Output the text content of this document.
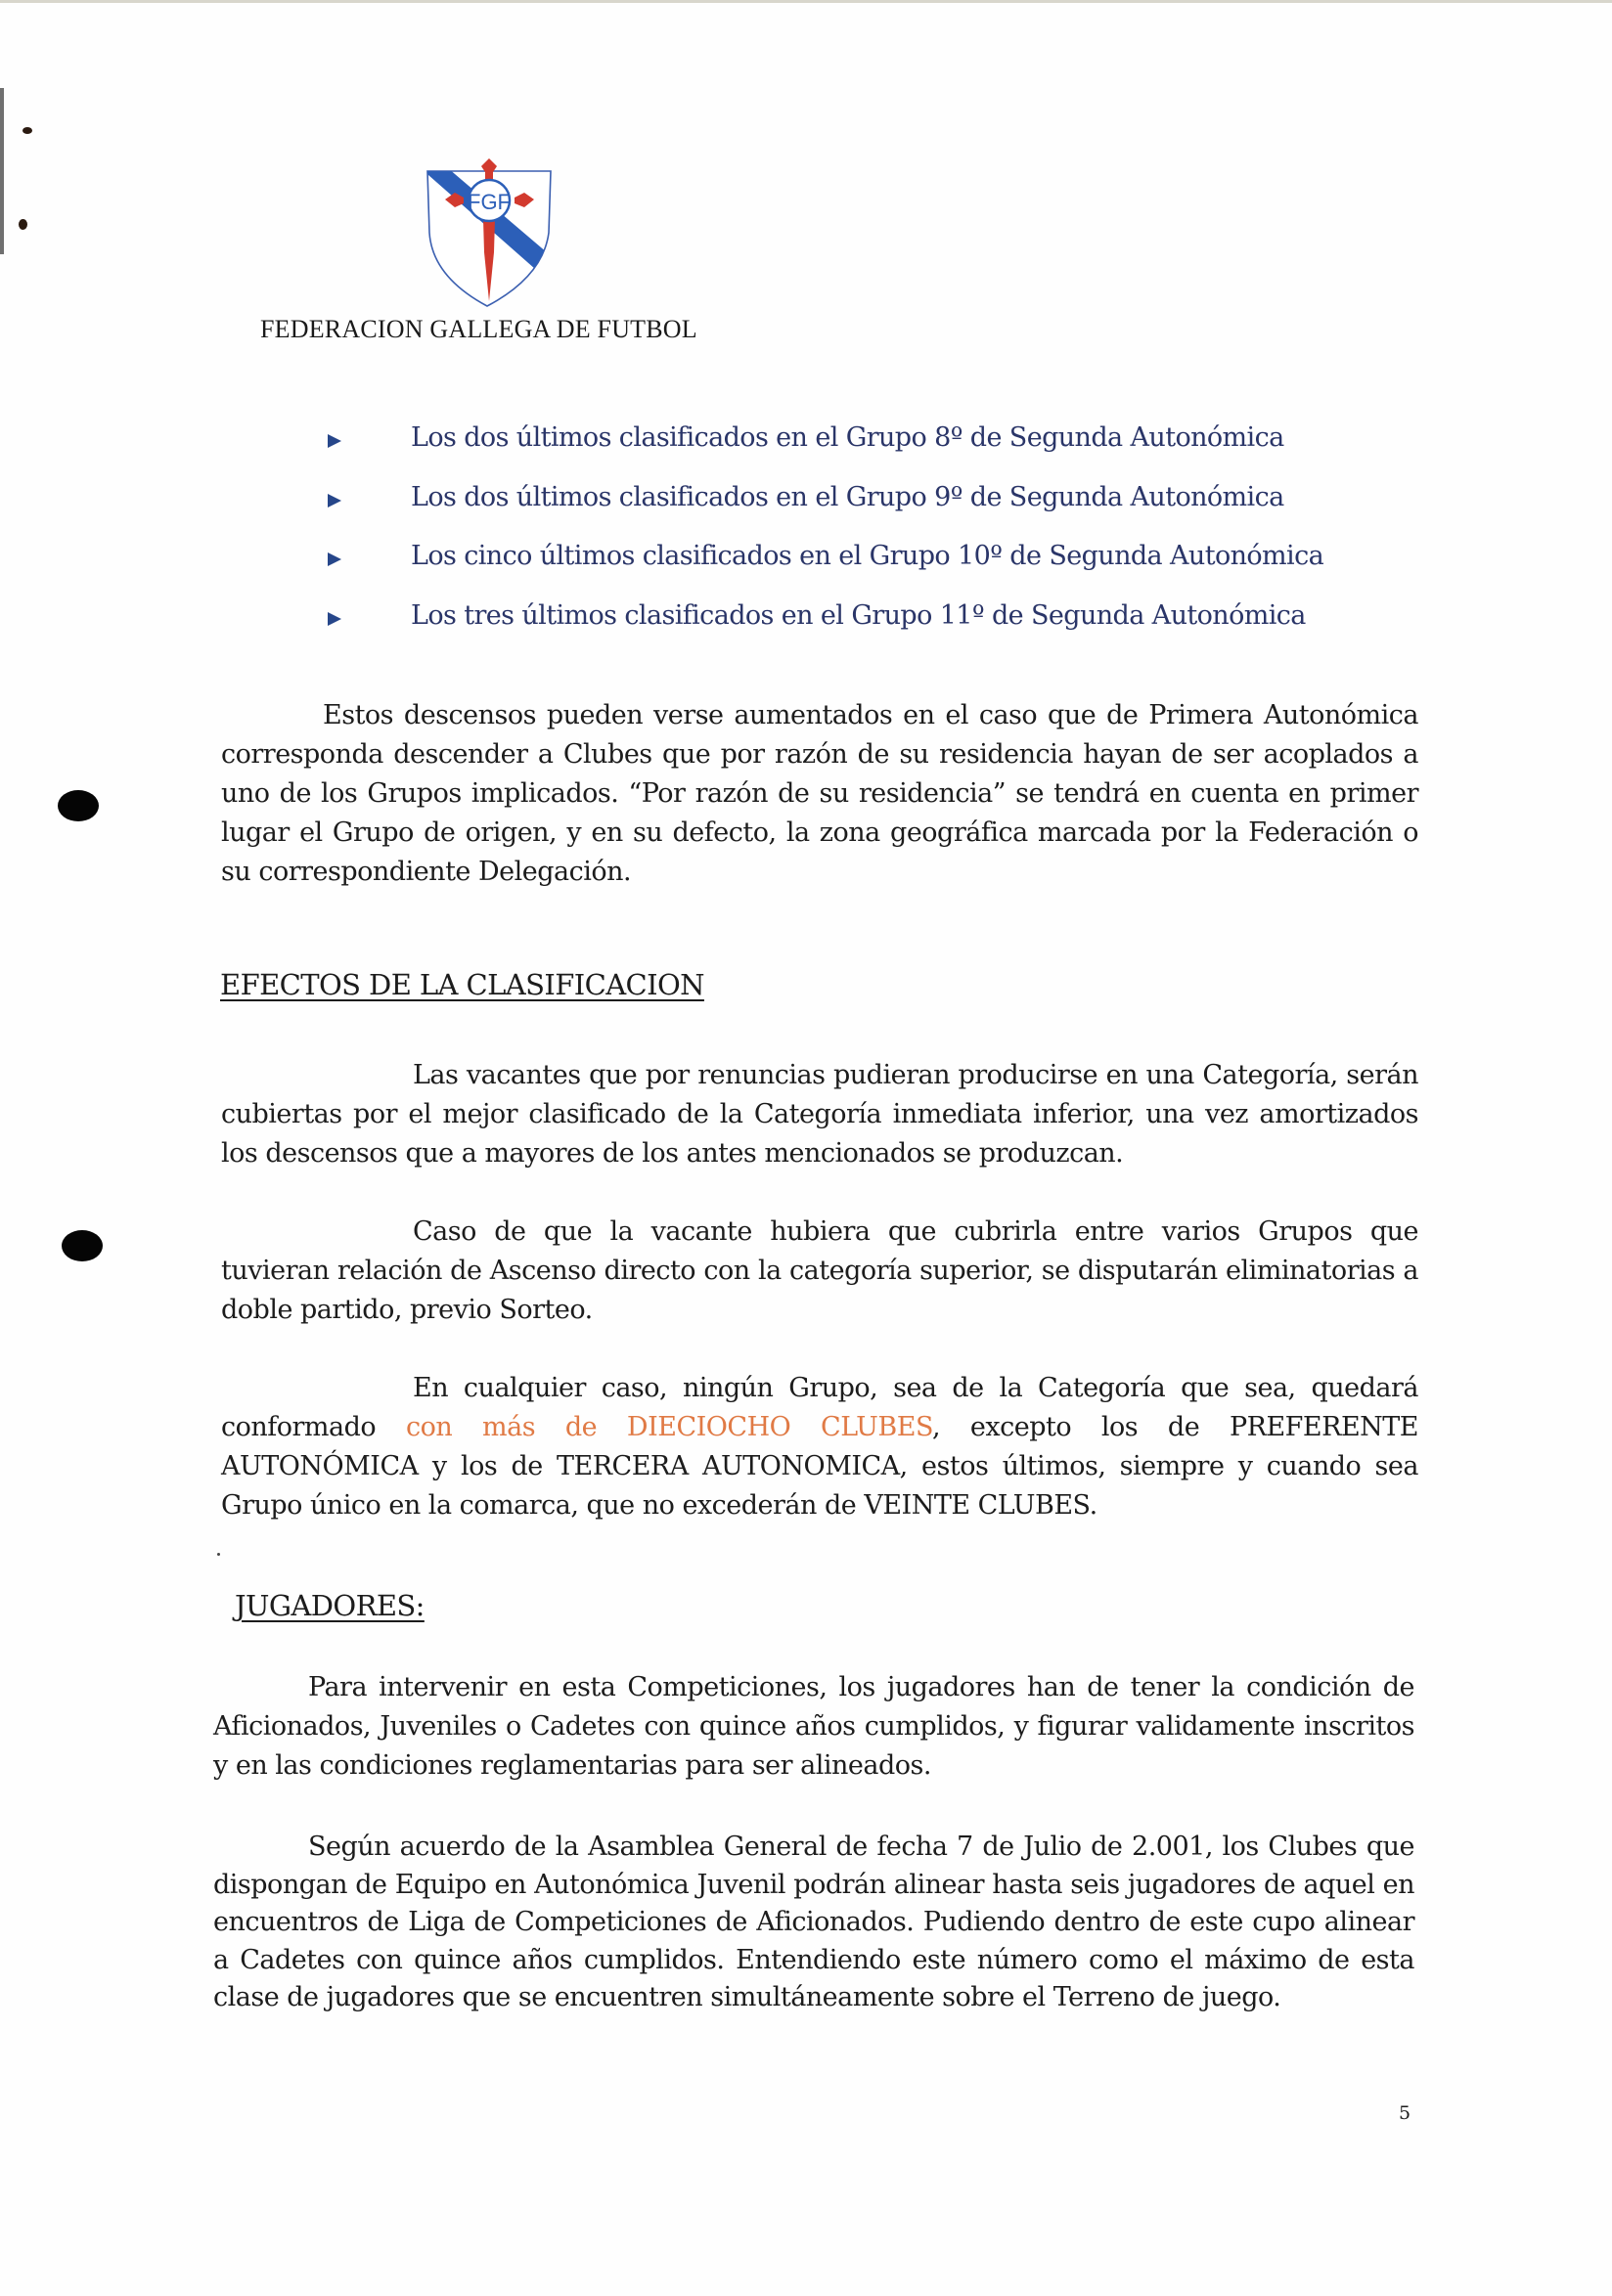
FGF
FEDERACION GALLEGA DE FUTBOL
Los dos últimos clasificados en el Grupo 8º de Segunda Autonómica
Los dos últimos clasificados en el Grupo 9º de Segunda Autonómica
Los cinco últimos clasificados en el Grupo 10º de Segunda Autonómica
Los tres últimos clasificados en el Grupo 11º de Segunda Autonómica

Estos descensos pueden verse aumentados en el caso que de Primera Autonómica corresponda descender a Clubes que por razón de su residencia hayan de ser acoplados a uno de los Grupos implicados. “Por razón de su residencia” se tendrá en cuenta en primer lugar el Grupo de origen, y en su defecto, la zona geográfica marcada por la Federación o su correspondiente Delegación.

EFECTOS DE LA CLASIFICACION

Las vacantes que por renuncias pudieran producirse en una Categoría, serán cubiertas por el mejor clasificado de la Categoría inmediata inferior, una vez amortizados los descensos que a mayores de los antes mencionados se produzcan.

Caso de que la vacante hubiera que cubrirla entre varios Grupos que tuvieran relación de Ascenso directo con la categoría superior, se disputarán eliminatorias a doble partido, previo Sorteo.

En cualquier caso, ningún Grupo, sea de la Categoría que sea, quedará conformado con más de DIECIOCHO CLUBES, excepto los de PREFERENTE AUTONÓMICA y los de TERCERA AUTONOMICA, estos últimos, siempre y cuando sea Grupo único en la comarca, que no excederán de VEINTE CLUBES.

JUGADORES:

Para intervenir en esta Competiciones, los jugadores han de tener la condición de Aficionados, Juveniles o Cadetes con quince años cumplidos, y figurar validamente inscritos y en las condiciones reglamentarias para ser alineados.

Según acuerdo de la Asamblea General de fecha 7 de Julio de 2.001, los Clubes que dispongan de Equipo en Autonómica Juvenil podrán alinear hasta seis jugadores de aquel en encuentros de Liga de Competiciones de Aficionados. Pudiendo dentro de este cupo alinear a Cadetes con quince años cumplidos. Entendiendo este número como el máximo de esta clase de jugadores que se encuentren simultáneamente sobre el Terreno de juego.

5
